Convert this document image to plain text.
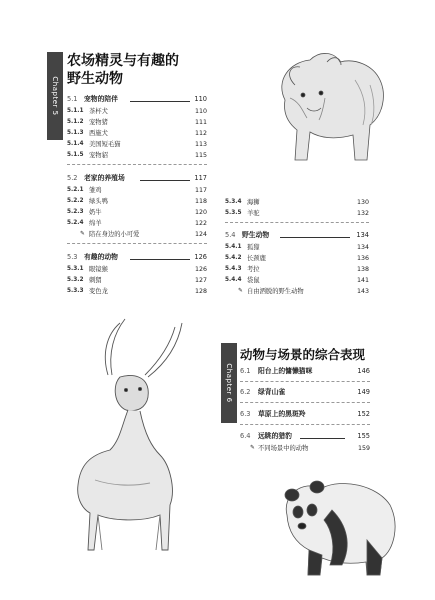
Chapter 5
农场精灵与有趣的
野生动物
5.1 宠物的陪伴	110
5.1.1 茶杯犬	110
5.1.2 宠物猪	111
5.1.3 西施犬	112
5.1.4 美国短毛猫	113
5.1.5 宠物貂	115
5.2 老家的养殖场	117
5.2.1 雏鸡	117
5.2.2 绿头鸭	118
5.2.3 奶牛	120
5.2.4 绵羊	122
✎ 陪在身边的小可爱	124
5.3 有趣的动物	126
5.3.1 眼镜猴	126
5.3.2 刺猬	127
5.3.3 变色龙	128
5.3.4 海狮	130
5.3.5 羊驼	132
5.4 野生动物	134
5.4.1 狐獴	134
5.4.2 长颈鹿	136
5.4.3 考拉	138
5.4.4 袋鼠	141
✎ 自由洒脱的野生动物	143
Chapter 6
动物与场景的综合表现
6.1 阳台上的慵懒猫咪	146
6.2 绿背山雀	149
6.3 草原上的黑斑羚	152
6.4 远眺的猎豹	155
✎ 不同场景中的动物	159
